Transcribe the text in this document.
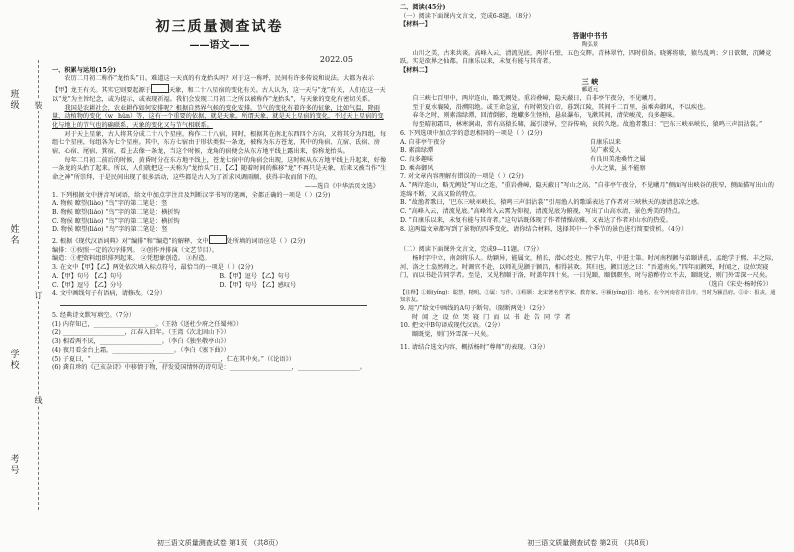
班级
姓名
学校
考号
装
订
线
初三质量测查试卷
——语文——
2022.05
一、积累与运用(15分)

农历二月初二称作“龙抬头”日。难道这一天真的有龙抬头吗？对于这一称呼，民间有许多传说和说法。大都为表示【甲】龙王有关。其实它则要起源于	天象，和二十八星宿的变化有关。古人认为，这一天与“龙”有关，人们在这一天以“龙”为主旨纪念，或为提示，或表现祈福。我们会发现二月初二之所以被称作“龙抬头”，与天象的变化有密切关系。

我国是农耕社会，农业耕作如何安排呢？根据自然界气候的变化安排。节气的变化有着许多的征象，比如气温、降雨量、动植物的变化（w_ hǔn）等，这有一个重要的依据，就是天象。所谓天象，就是天上星宿的变化，不过天上星宿的变化与地上的节气也的确联系，天象的变化又与节气相联系。

对于天上星象，古人将其分成二十八个星座，称作二十八宿，同时，根据其在南北东西四个方向，又将其分为四组，每组七个星座，每组各为七个星座。其中，东方七宿由于形状类似一条龙，被称为东方苍龙，其中的角宿、亢宿、氐宿、房宿、心宿、尾宿、箕宿，看上去像一条龙，当这个时候，龙角的宿便会从东方地平线上露出来，俗称龙抬头。

每年二月初二前后的时候，黄昏时分在东方地平线上，苍龙七宿中的角宿会出现，这时候从东方地平线上升起来，好像一条龙的头抬了起来。所以，人们就把这一天称为“龙抬头”日，【乙】随着时间的推移“龙”不再只是天象，后来又被当作“生命之神”所崇拜，于是民间出现了很多活动，这些都是古人为了祈求风调雨顺、获得丰收而留下的。

——选自《中华活页文选》

1. 下列根据文中拼音写词语，给文中加点字注音及判断汉字书写的笔画，全都正确的一项是（ ）(2分)

A. 物候 瞭望(liào) “鸟”字的第二笔是：竖
B. 物候 瞭望(liáo) “鸟”字的第二笔是：横折钩
C. 物侯 瞭望(liào) “鸟”字的第二笔是：横折钩
D. 物侯 瞭望(liáo) “鸟”字的第二笔是：竖

2. 根据《现代汉语词典》对“编排”和“编造”的解释，文中	处所填的词语应是（ ）(2分)

编排：①按照一定的次序排列。 ②创作并排演（文艺节目）。
编造：①把资料组织排列起来。 ②凭想象创造。 ③捏造。

3. 在文中【甲】【乙】两处依次填入标点符号，最恰当的一项是（ ）(2分)

A.【甲】句号 【乙】句号	B.【甲】逗号 【乙】句号
C.【甲】逗号 【乙】分号	D.【甲】句号 【乙】感叹号

4. 文中画线句子有语病，请修改。（2分）

5. 经典诗文默写填空。（7分）

(1) 内存知己，____________________。（王勃《送杜少府之任蜀州》）
(2) ____________________，江春入旧年。（王湾《次北固山下》）
(3) 相看两不厌，____________________。（李白《独坐敬亭山》）
(4) 夜月看金台上霜，____________________。（李白《塞下曲》）
(5) 子夏曰，“____________________，____________________，仁在其中矣。”（《论语》）
(6) 龚自珍的《己亥杂诗》中移情于物，抒发爱国情怀的诗句是：____________________，____________________。
初三语文质量测查试卷 第1页 （共8页）
二、阅读(45分)
（一）阅读下面课内文言文，完成6-8题。（8分）
【材料一】
答谢中书书
陶弘景

山川之美，古来共谈。高峰入云，清流见底。两岸石壁，五色交辉。青林翠竹，四时俱备。晓雾将歇，猿鸟乱鸣；夕日欲颓，沉鳞竞跃。实是欲界之仙都。自康乐以来，未复有能与其奇者。

【材料二】
三 峡
郦道元

自三峡七百里中，两岸连山，略无阙处。重岩叠嶂，隐天蔽日，自非亭午夜分，不见曦月。

至于夏水襄陵，沿溯阻绝。或王命急宣，有时朝发白帝，暮到江陵，其间千二百里，虽乘奔御风，不以疾也。

春冬之时，则素湍绿潭，回清倒影，绝巘多生怪柏，悬泉瀑布，飞漱其间，清荣峻茂，良多趣味。

每至晴初霜旦，林寒涧肃，常有高猿长啸，属引凄异，空谷传响，哀转久绝。故渔者歌曰：“巴东三峡巫峡长，猿鸣三声泪沾裳。”

6. 下列选项中加点字的意思相同的一项是（ ）(2分)

A. 自非亭午夜分	自康乐以来
B. 素湍绿潭	吴广素爱人
C. 良多趣味	有良田美池桑竹之属
D. 乘奔御风	小大之狱，虽不能察

7. 对文章内容理解有错误的一项是（ ）(2分)

A. “两岸连山，略无阙处”写山之连，“重岩叠嶂，隐天蔽日”写山之高，“自非亭午夜分，不见曦月”侧面写出峡谷的狭窄，侧面描写出山的连绵不断，又高又险的特点。
B. “故渔者歌曰，‘巴东三峡巫峡长，猿鸣三声泪沾裳’”引用渔人的歌谣表达了作者对三峡秋天的凄清悲凉之感。
C. “高峰入云，清流见底。”高峰耸入云霄为仰视，清流见底为俯视，写出了山高水清，景色秀美的特点。
D. “自康乐以来，未复有能与其奇者。”这句话既体现了作者情操高雅，又表达了作者对山水的热爱。

8. 这两篇文章都写到了景物的四季变化，请你结合材料，选择其中一个季节的景色进行简要赏析。（4分）

（二）阅读下面课外文言文，完成9—11题。（7分）

杨时字中立，南剑将乐人。幼颖异，能属文，稍长，潜心经史。熙宁九年，中进士第。时河南程颢与弟颐讲孔、孟绝学于熙、丰之际，河、洛之士翕然师之。时调官不赴，以师礼见颢于颍昌，相得甚欢。其归也，颢目送之曰：“吾道南矣。”四年而颢死，时闻之，设位哭寝门，而以书赴告同学者。至是，又见程颐于洛，时盖年四十矣。一日见颐，颐偶瞑坐，时与游酢侍立不去，颐既觉，则门外雪深一尺矣。

（选自《宋史·杨时传》）
【注释】①颖(yǐng)：聪慧，精明。②属：写作。③程颢：北宋著名哲学家、教育家。④颍(yǐng)昌：地名，在今河南省许昌市，当时为颍昌府。⑤讣：报丧，通知亲友。

9. 用“/”给文中画线的A句子断句。（限断两处）（2分）

时 闻 之 设 位 哭 寝 门 而 以 书 赴 告 同 学 者

10. 把文中B句译成现代汉语。（2分）

颐既觉，则门外雪深一尺矣。

11. 请结合选文内容，概括杨时“尊师”的表现。（3分）

初三语文质量测查试卷 第2页 （共8页）
